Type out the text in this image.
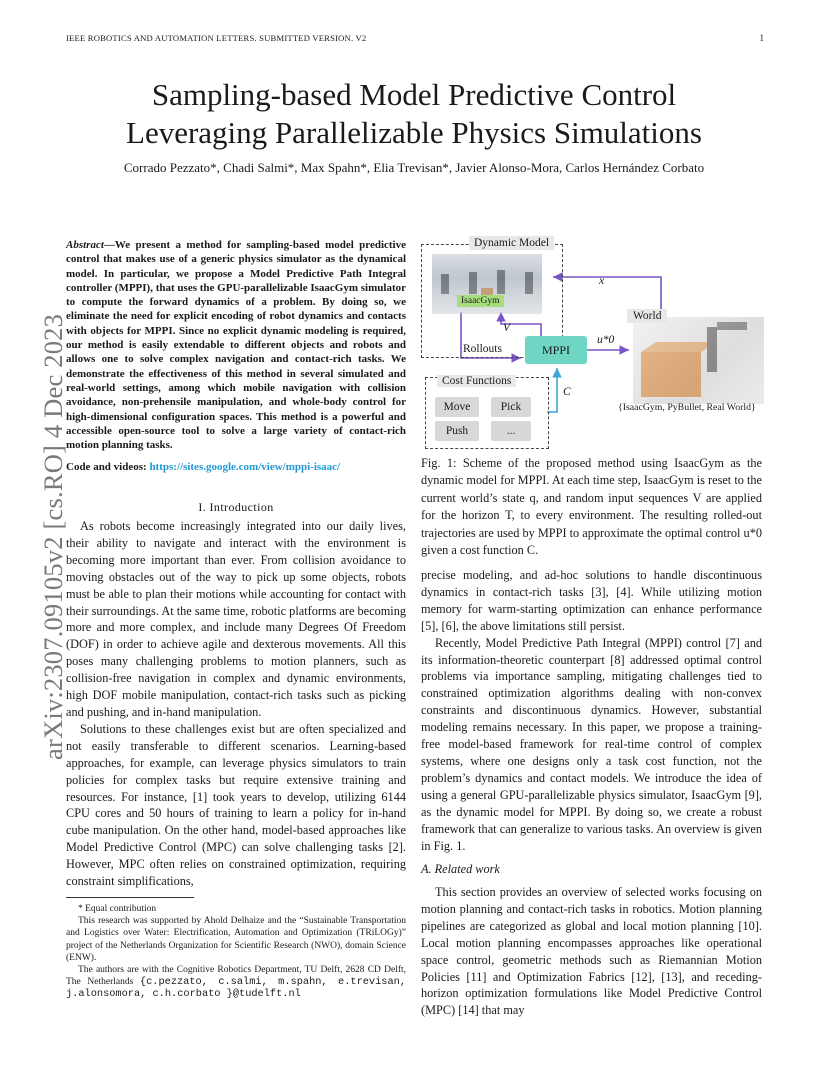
IEEE ROBOTICS AND AUTOMATION LETTERS. SUBMITTED VERSION. V2	1
arXiv:2307.09105v2 [cs.RO] 4 Dec 2023
Sampling-based Model Predictive Control
Leveraging Parallelizable Physics Simulations
Corrado Pezzato*, Chadi Salmi*, Max Spahn*, Elia Trevisan*, Javier Alonso-Mora, Carlos Hernández Corbato
Abstract—We present a method for sampling-based model predictive control that makes use of a generic physics simulator as the dynamical model. In particular, we propose a Model Predictive Path Integral controller (MPPI), that uses the GPU-parallelizable IsaacGym simulator to compute the forward dynamics of a problem. By doing so, we eliminate the need for explicit encoding of robot dynamics and contacts with objects for MPPI. Since no explicit dynamic modeling is required, our method is easily extendable to different objects and robots and allows one to solve complex navigation and contact-rich tasks. We demonstrate the effectiveness of this method in several simulated and real-world settings, among which mobile navigation with collision avoidance, non-prehensile manipulation, and whole-body control for high-dimensional configuration spaces. This method is a powerful and accessible open-source tool to solve a large variety of contact-rich motion planning tasks.
Code and videos: https://sites.google.com/view/mppi-isaac/
I. Introduction

As robots become increasingly integrated into our daily lives, their ability to navigate and interact with the environment is becoming more important than ever. From collision avoidance to moving obstacles out of the way to pick up some objects, robots must be able to plan their motions while accounting for contact with their surroundings. At the same time, robotic platforms are becoming more and more complex, and include many Degrees Of Freedom (DOF) in order to achieve agile and dexterous movements. All this poses many challenging problems to motion planners, such as collision-free navigation in complex and dynamic environments, high DOF mobile manipulation, contact-rich tasks such as picking and pushing, and in-hand manipulation.

Solutions to these challenges exist but are often specialized and not easily transferable to different scenarios. Learning-based approaches, for example, can leverage physics simulators to train policies for complex tasks but require extensive training and resources. For instance, [1] took years to develop, utilizing 6144 CPU cores and 50 hours of training to learn a policy for in-hand cube manipulation. On the other hand, model-based approaches like Model Predictive Control (MPC) can solve challenging tasks [2]. However, MPC often relies on constrained optimization, requiring constraint simplifications,

* Equal contribution

This research was supported by Ahold Delhaize and the “Sustainable Transportation and Logistics over Water: Electrification, Automation and Optimization (TRiLOGy)” project of the Netherlands Organization for Scientific Research (NWO), domain Science (ENW).

The authors are with the Cognitive Robotics Department, TU Delft, 2628 CD Delft, The Netherlands {c.pezzato, c.salmi, m.spahn, e.trevisan, j.alonsomora, c.h.corbato }@tudelft.nl

Dynamic Model
IsaacGym
World
{IsaacGym, PyBullet, Real World}
MPPI
Rollouts
x
V
u*0
C
Cost Functions
Move	Pick
Push	...
Fig. 1: Scheme of the proposed method using IsaacGym as the dynamic model for MPPI. At each time step, IsaacGym is reset to the current world’s state q, and random input sequences V are applied for the horizon T, to every environment. The resulting rolled-out trajectories are used by MPPI to approximate the optimal control u*0 given a cost function C.

precise modeling, and ad-hoc solutions to handle discontinuous dynamics in contact-rich tasks [3], [4]. While utilizing motion memory for warm-starting optimization can enhance performance [5], [6], the above limitations still persist.

Recently, Model Predictive Path Integral (MPPI) control [7] and its information-theoretic counterpart [8] addressed optimal control problems via importance sampling, mitigating challenges tied to constrained optimization algorithms dealing with non-convex constraints and discontinuous dynamics. However, substantial modeling remains necessary. In this paper, we propose a training-free model-based framework for real-time control of complex systems, where one designs only a task cost function, not the problem’s dynamics and contact models. We introduce the idea of using a general GPU-parallelizable physics simulator, IsaacGym [9], as the dynamic model for MPPI. By doing so, we create a robust framework that can generalize to various tasks. An overview is given in Fig. 1.

A. Related work

This section provides an overview of selected works focusing on motion planning and contact-rich tasks in robotics. Motion planning pipelines are categorized as global and local motion planning [10]. Local motion planning encompasses approaches like operational space control, geometric methods such as Riemannian Motion Policies [11] and Optimization Fabrics [12], [13], and receding-horizon optimization formulations like Model Predictive Control (MPC) [14] that may
